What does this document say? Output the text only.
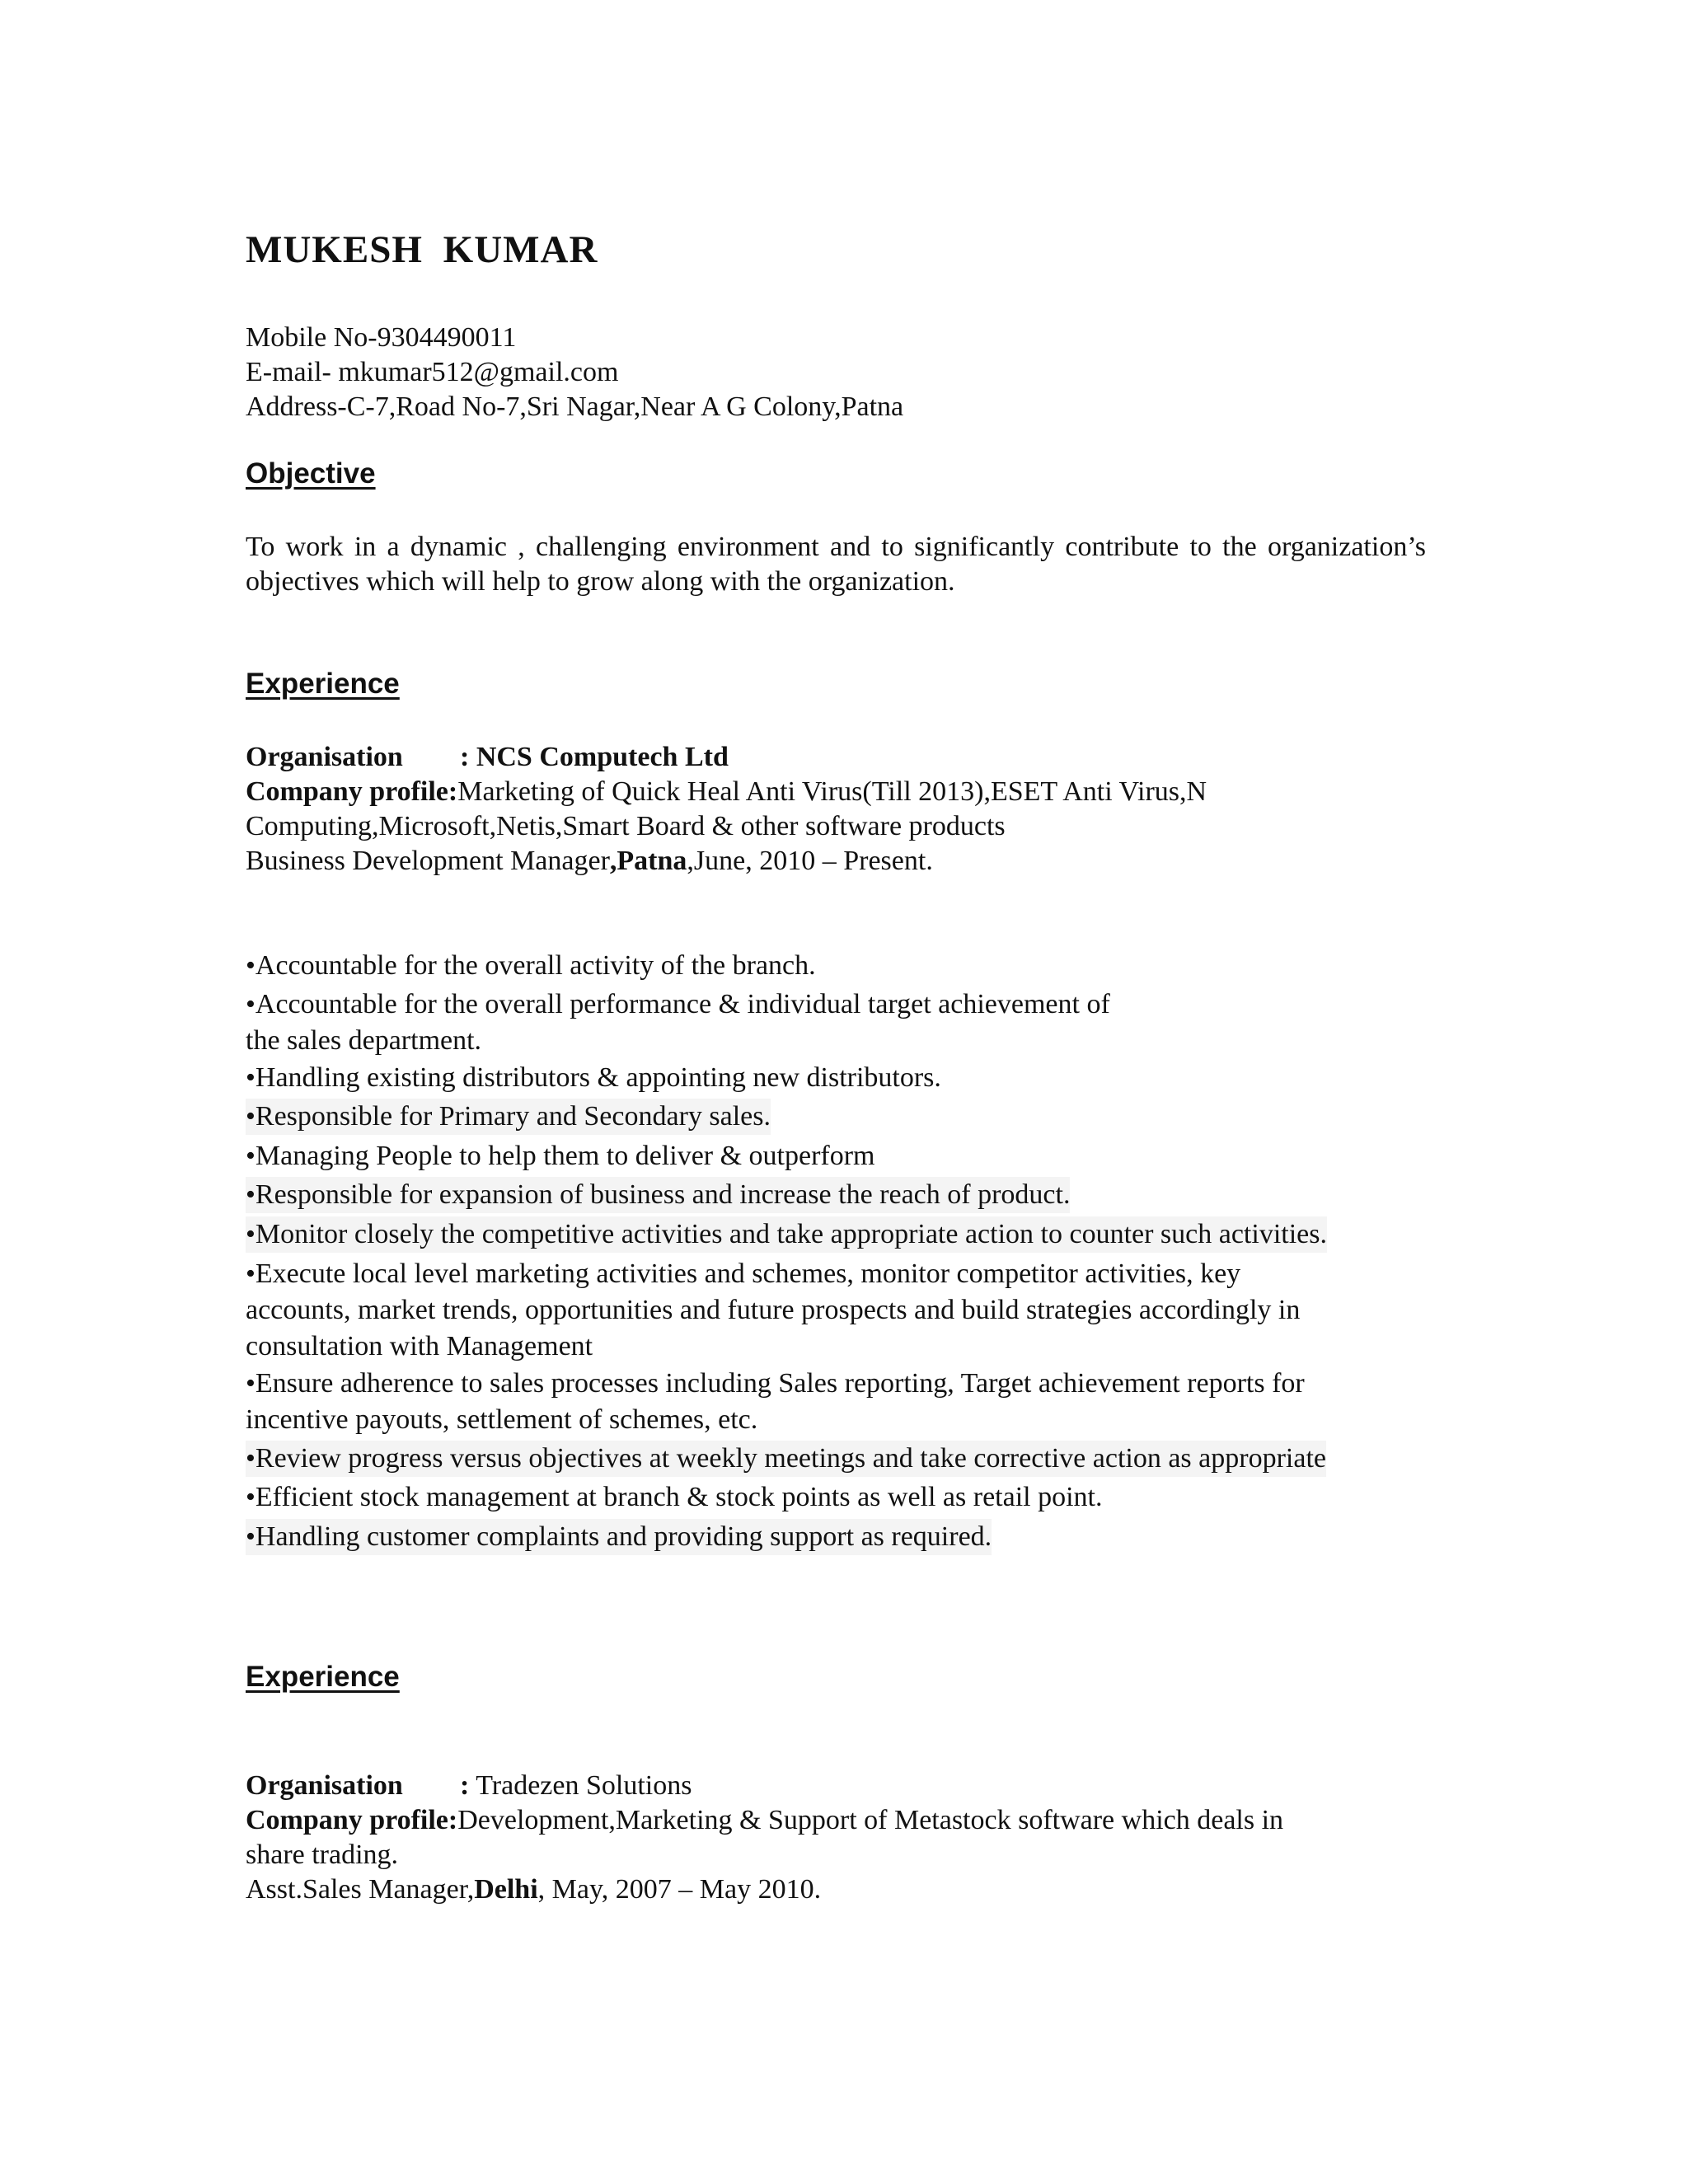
MUKESH KUMAR
Mobile No-9304490011
E-mail- mkumar512@gmail.com
Address-C-7,Road No-7,Sri Nagar,Near A G Colony,Patna
Objective
To work in a dynamic , challenging environment and to significantly contribute to the organization’s objectives which will help to grow along with the organization.
Experience
Organisation : NCS Computech Ltd
Company profile:Marketing of Quick Heal Anti Virus(Till 2013),ESET Anti Virus,N
Computing,Microsoft,Netis,Smart Board & other software products
Business Development Manager,Patna,June, 2010 – Present.
•Accountable for the overall activity of the branch.
•Accountable for the overall performance & individual target achievement of
the sales department.
•Handling existing distributors & appointing new distributors.
•Responsible for Primary and Secondary sales.
•Managing People to help them to deliver & outperform
•Responsible for expansion of business and increase the reach of product.
•Monitor closely the competitive activities and take appropriate action to counter such activities.
•Execute local level marketing activities and schemes, monitor competitor activities, key
accounts, market trends, opportunities and future prospects and build strategies accordingly in
consultation with Management
•Ensure adherence to sales processes including Sales reporting, Target achievement reports for
incentive payouts, settlement of schemes, etc.
•Review progress versus objectives at weekly meetings and take corrective action as appropriate
•Efficient stock management at branch & stock points as well as retail point.
•Handling customer complaints and providing support as required.
Experience
Organisation : Tradezen Solutions
Company profile:Development,Marketing & Support of Metastock software which deals in
share trading.
Asst.Sales Manager,Delhi, May, 2007 – May 2010.
